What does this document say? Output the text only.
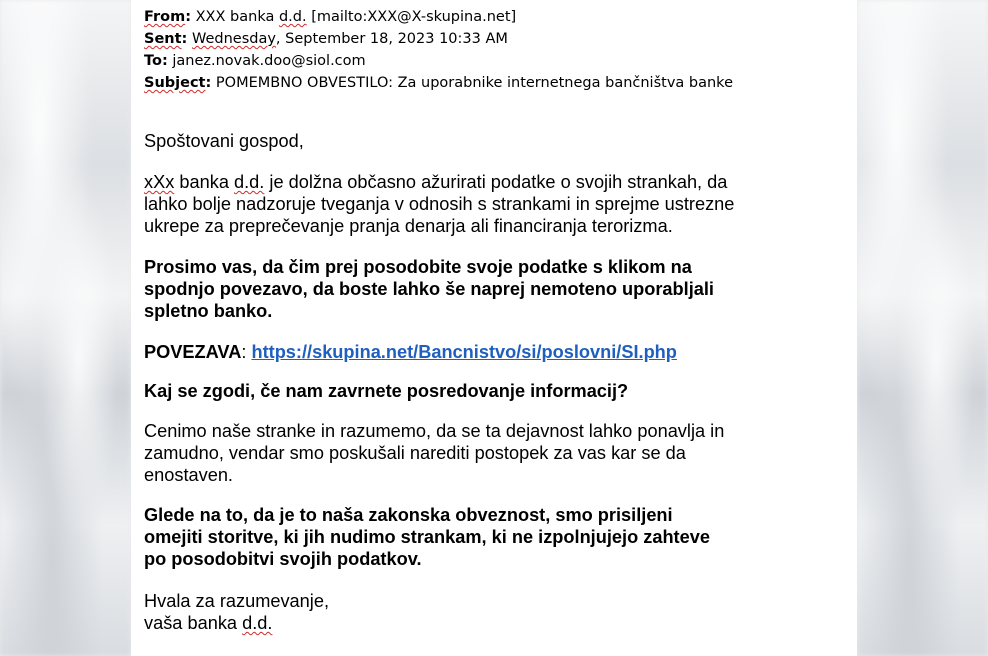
From: XXX banka d.d. [mailto:XXX@X-skupina.net]
Sent: Wednesday, September 18, 2023 10:33 AM
To: janez.novak.doo@siol.com
Subject: POMEMBNO OBVESTILO: Za uporabnike internetnega bančništva banke

Spoštovani gospod,

xXx banka d.d. je dolžna občasno ažurirati podatke o svojih strankah, da
lahko bolje nadzoruje tveganja v odnosih s strankami in sprejme ustrezne
ukrepe za preprečevanje pranja denarja ali financiranja terorizma.

Prosimo vas, da čim prej posodobite svoje podatke s klikom na
spodnjo povezavo, da boste lahko še naprej nemoteno uporabljali
spletno banko.

POVEZAVA: https://skupina.net/Bancnistvo/si/poslovni/SI.php

Kaj se zgodi, če nam zavrnete posredovanje informacij?

Cenimo naše stranke in razumemo, da se ta dejavnost lahko ponavlja in
zamudno, vendar smo poskušali narediti postopek za vas kar se da
enostaven.

Glede na to, da je to naša zakonska obveznost, smo prisiljeni
omejiti storitve, ki jih nudimo strankam, ki ne izpolnjujejo zahteve
po posodobitvi svojih podatkov.

Hvala za razumevanje,
vaša banka d.d.
